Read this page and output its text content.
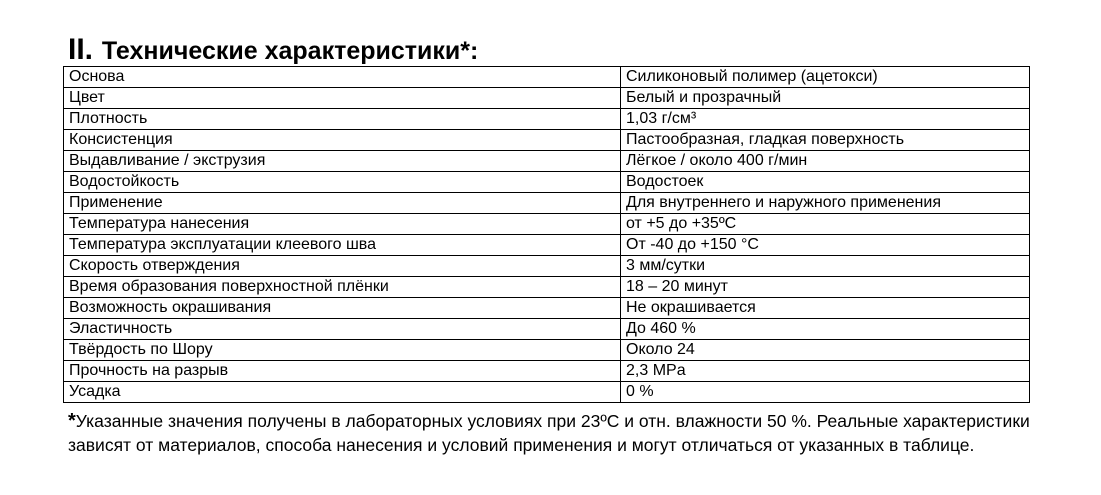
II. Технические характеристики*:
Основа	Силиконовый полимер (ацетокси)
Цвет	Белый и прозрачный
Плотность	1,03 г/см³
Консистенция	Пастообразная, гладкая поверхность
Выдавливание / экструзия	Лёгкое / около 400 г/мин
Водостойкость	Водостоек
Применение	Для внутреннего и наружного применения
Температура нанесения	от +5 до +35ºС
Температура эксплуатации клеевого шва	От -40 до +150 °С
Скорость отверждения	3 мм/сутки
Время образования поверхностной плёнки	18 – 20 минут
Возможность окрашивания	Не окрашивается
Эластичность	До 460 %
Твёрдость по Шору	Около 24
Прочность на разрыв	2,3 MPa
Усадка	0 %

*Указанные значения получены в лабораторных условиях при 23ºС и отн. влажности 50 %. Реальные характеристики зависят от материалов, способа нанесения и условий применения и могут отличаться от указанных в таблице.
